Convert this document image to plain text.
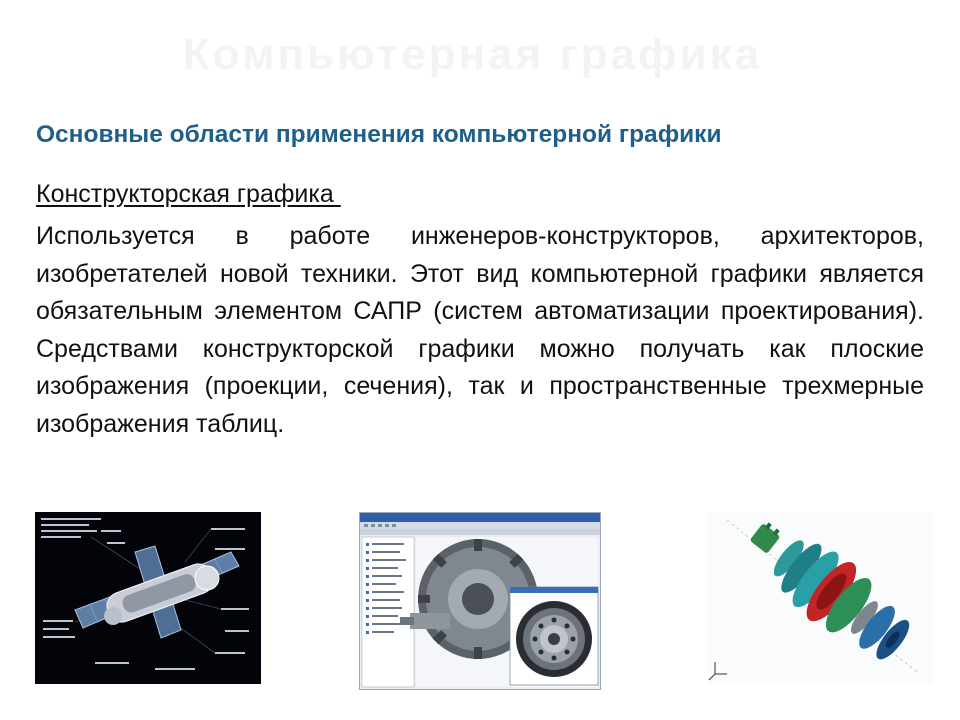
Компьютерная графика
Основные области применения компьютерной графики
Конструкторская графика
Используется в работе инженеров-конструкторов, архитекторов, изобретателей новой техники. Этот вид компьютерной графики является обязательным элементом САПР (систем автоматизации проектирования). Средствами конструкторской графики можно получать как плоские изображения (проекции, сечения), так и пространственные трехмерные изображения таблиц.
